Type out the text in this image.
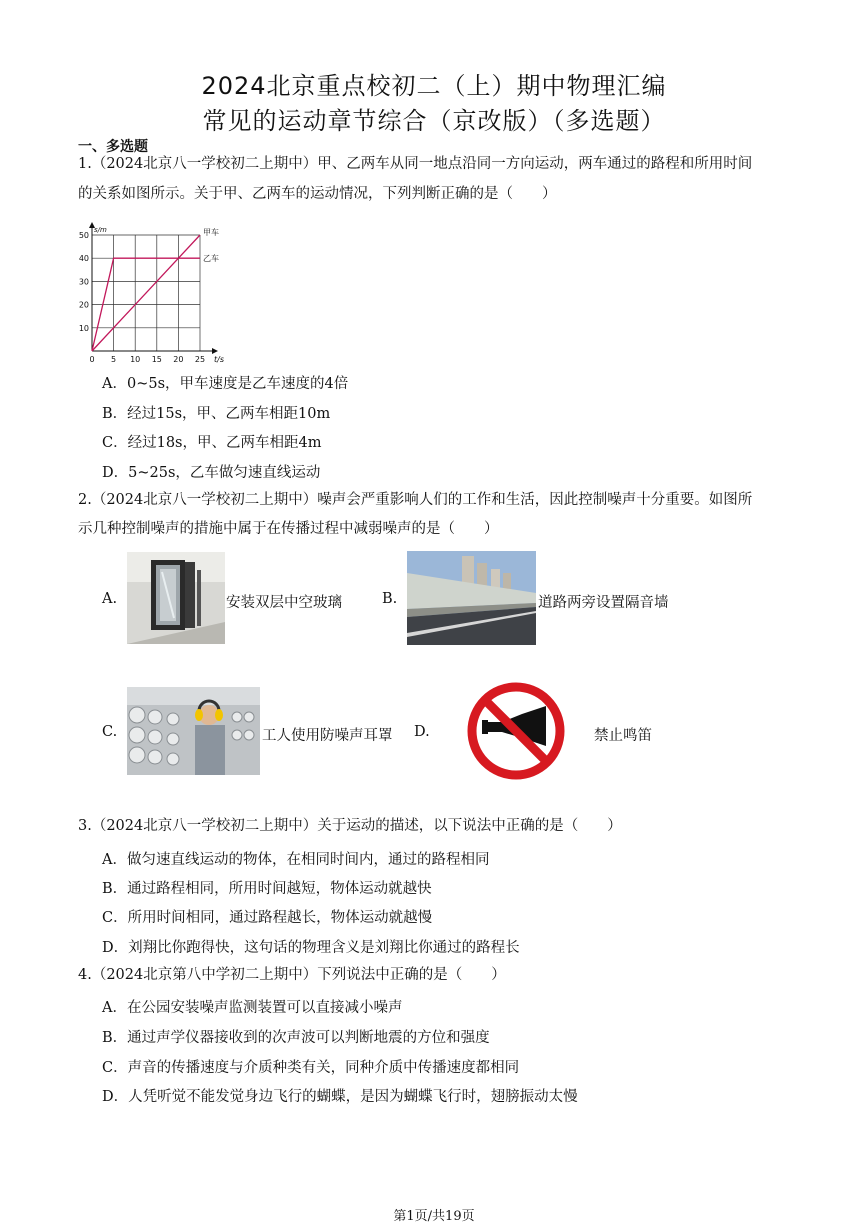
2024北京重点校初二（上）期中物理汇编
常见的运动章节综合（京改版）（多选题）
一、多选题
1.（2024北京八一学校初二上期中）甲、乙两车从同一地点沿同一方向运动，两车通过的路程和所用时间
的关系如图所示。关于甲、乙两车的运动情况，下列判断正确的是（　　）
0 5 10 15 20 25
10
20
30
40
50
t/s
s/m	甲车
乙车
A．0~5s，甲车速度是乙车速度的4倍
B．经过15s，甲、乙两车相距10m
C．经过18s，甲、乙两车相距4m
D．5~25s，乙车做匀速直线运动
2.（2024北京八一学校初二上期中）噪声会严重影响人们的工作和生活，因此控制噪声十分重要。如图所
示几种控制噪声的措施中属于在传播过程中减弱噪声的是（　　）
A.	安装双层中空玻璃	B.	道路两旁设置隔音墙
C.	工人使用防噪声耳罩 D.	禁止鸣笛
3.（2024北京八一学校初二上期中）关于运动的描述，以下说法中正确的是（　　）
A．做匀速直线运动的物体，在相同时间内，通过的路程相同
B．通过路程相同，所用时间越短，物体运动就越快
C．所用时间相同，通过路程越长，物体运动就越慢
D．刘翔比你跑得快，这句话的物理含义是刘翔比你通过的路程长
4.（2024北京第八中学初二上期中）下列说法中正确的是（　　）
A．在公园安装噪声监测装置可以直接减小噪声
B．通过声学仪器接收到的次声波可以判断地震的方位和强度
C．声音的传播速度与介质种类有关，同种介质中传播速度都相同
D．人凭听觉不能发觉身边飞行的蝴蝶，是因为蝴蝶飞行时，翅膀振动太慢
第1页/共19页
